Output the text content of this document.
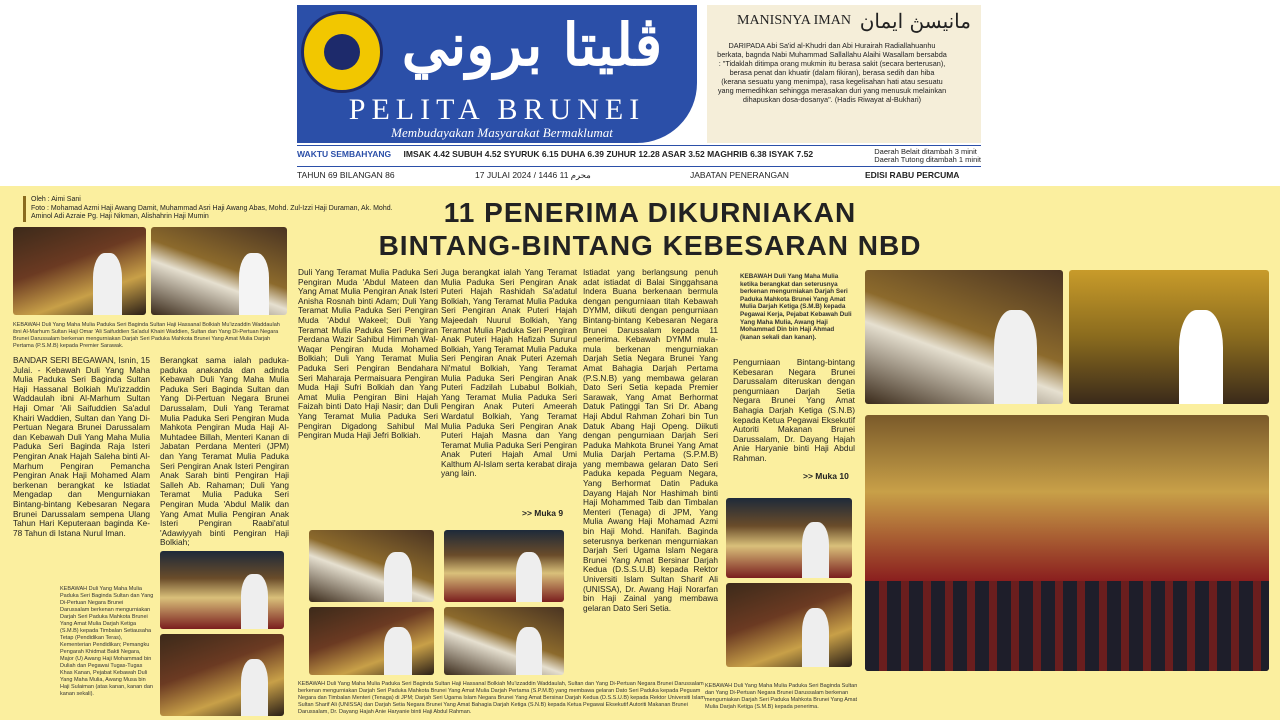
ڤليتا بروني
PELITA BRUNEI
Membudayakan Masyarakat Bermaklumat
MANISNYA IMAN مانيسڽ ايمان
DARIPADA Abi Sa'id al-Khudri dan Abi Hurairah Radiallahuanhu berkata, bagnda Nabi Muhammad Sallallahu Alaihi Wasallam bersabda : "Tidaklah ditimpa orang mukmin itu berasa sakit (secara berterusan), berasa penat dan khuatir (dalam fikiran), berasa sedih dan hiba (kerana sesuatu yang menimpa), rasa kegelisahan hati atau sesuatu yang memedihkan sehingga merasakan duri yang menusuk melainkan dihapuskan dosa-dosanya". (Hadis Riwayat al-Bukhari)
WAKTU SEMBAHYANG IMSAK 4.42 SUBUH 4.52 SYURUK 6.15 DUHA 6.39 ZUHUR 12.28 ASAR 3.52 MAGHRIB 6.38 ISYAK 7.52	Daerah Belait ditambah 3 minit
Daerah Tutong ditambah 1 minit
TAHUN 69 BILANGAN 86	17 JULAI 2024 / 1446 محرم 11	JABATAN PENERANGAN	EDISI RABU PERCUMA
Oleh : Aimi Sani
Foto : Mohamad Azmi Haji Awang Damit, Muhammad Asri Haji Awang Abas, Mohd. Zul-Izzi Haji Duraman, Ak. Mohd. Aminol Adi Azraie Pg. Haji Nikman, Alishahrin Haji Mumin	11 PENERIMA DIKURNIAKAN
BINTANG-BINTANG KEBESARAN NBD
KEBAWAH Duli Yang Maha Mulia Paduka Seri Baginda Sultan Haji Hassanal Bolkiah Mu'izzaddin Waddaulah ibni Al-Marhum Sultan Haji Omar 'Ali Saifuddien Sa'adul Khairi Waddien, Sultan dan Yang Di-Pertuan Negara Brunei Darussalam berkenan mengurniakan Darjah Seri Paduka Mahkota Brunei Yang Amat Mulia Darjah Pertama (P.S.M.B) kepada Premier Sarawak.
BANDAR SERI BEGAWAN, Isnin, 15 Julai. - Kebawah Duli Yang Maha Mulia Paduka Seri Baginda Sultan Haji Hassanal Bolkiah Mu'izzaddin Waddaulah ibni Al-Marhum Sultan Haji Omar 'Ali Saifuddien Sa'adul Khairi Waddien, Sultan dan Yang Di-Pertuan Negara Brunei Darussalam dan Kebawah Duli Yang Maha Mulia Paduka Seri Baginda Raja Isteri Pengiran Anak Hajah Saleha binti Al-Marhum Pengiran Pemancha Pengiran Anak Haji Mohamed Alam berkenan berangkat ke Istiadat Mengadap dan Mengurniakan Bintang-bintang Kebesaran Negara Brunei Darussalam sempena Ulang Tahun Hari Keputeraan baginda Ke-78 Tahun di Istana Nurul Iman.
Berangkat sama ialah paduka-paduka anakanda dan adinda Kebawah Duli Yang Maha Mulia Paduka Seri Baginda Sultan dan Yang Di-Pertuan Negara Brunei Darussalam, Duli Yang Teramat Mulia Paduka Seri Pengiran Muda Mahkota Pengiran Muda Haji Al-Muhtadee Billah, Menteri Kanan di Jabatan Perdana Menteri (JPM) dan Yang Teramat Mulia Paduka Seri Pengiran Anak Isteri Pengiran Anak Sarah binti Pengiran Haji Salleh Ab. Rahaman; Duli Yang Teramat Mulia Paduka Seri Pengiran Muda 'Abdul Malik dan Yang Amat Mulia Pengiran Anak Isteri Pengiran Raabi'atul 'Adawiyyah binti Pengiran Haji Bolkiah;
KEBAWAH Duli Yang Maha Mulia Paduka Seri Baginda Sultan dan Yang Di-Pertuan Negara Brunei Darussalam berkenan mengurniakan Darjah Seri Paduka Mahkota Brunei Yang Amat Mulia Darjah Ketiga (S.M.B) kepada Timbalan Setiausaha Tetap (Pendidikan Teras), Kementerian Pendidikan; Pemangku Pengarah Khidmat Bakti Negara, Major (U) Awang Haji Mohammad bin Duliah dan Pegawai Tugas-Tugas Khas Kanan, Pejabat Kebawah Duli Yang Maha Mulia, Awang Musa bin Haji Sulaiman (atas kanan, kanan dan kanan sekali).
Duli Yang Teramat Mulia Paduka Seri Pengiran Muda 'Abdul Mateen dan Yang Amat Mulia Pengiran Anak Isteri Anisha Rosnah binti Adam; Duli Yang Teramat Mulia Paduka Seri Pengiran Muda 'Abdul Wakeel; Duli Yang Teramat Mulia Paduka Seri Pengiran Perdana Wazir Sahibul Himmah Wal-Waqar Pengiran Muda Mohamed Bolkiah; Duli Yang Teramat Mulia Paduka Seri Pengiran Bendahara Seri Maharaja Permaisuara Pengiran Muda Haji Sufri Bolkiah dan Yang Amat Mulia Pengiran Bini Hajah Faizah binti Dato Haji Nasir; dan Duli Yang Teramat Mulia Paduka Seri Pengiran Digadong Sahibul Mal Pengiran Muda Haji Jefri Bolkiah.
Juga berangkat ialah Yang Teramat Mulia Paduka Seri Pengiran Anak Puteri Hajah Rashidah Sa'adatul Bolkiah, Yang Teramat Mulia Paduka Seri Pengiran Anak Puteri Hajah Majeedah Nuurul Bolkiah, Yang Teramat Mulia Paduka Seri Pengiran Anak Puteri Hajah Hafizah Sururul Bolkiah, Yang Teramat Mulia Paduka Seri Pengiran Anak Puteri Azemah Ni'matul Bolkiah, Yang Teramat Mulia Paduka Seri Pengiran Anak Puteri Fadzilah Lubabul Bolkiah, Yang Teramat Mulia Paduka Seri Pengiran Anak Puteri Ameerah Wardatul Bolkiah, Yang Teramat Mulia Paduka Seri Pengiran Anak Puteri Hajah Masna dan Yang Teramat Mulia Paduka Seri Pengiran Anak Puteri Hajah Amal Umi Kalthum Al-Islam serta kerabat diraja yang lain.
>> Muka 9
KEBAWAH Duli Yang Maha Mulia Paduka Seri Baginda Sultan Haji Hassanal Bolkiah Mu'izzaddin Waddaulah, Sultan dan Yang Di-Pertuan Negara Brunei Darussalam berkenan mengurniakan Darjah Seri Paduka Mahkota Brunei Yang Amat Mulia Darjah Pertama (S.P.M.B) yang membawa gelaran Dato Seri Paduka kepada Peguam Negara dan Timbalan Menteri (Tenaga) di JPM; Darjah Seri Ugama Islam Negara Brunei Yang Amat Bersinar Darjah Kedua (D.S.S.U.B) kepada Rektor Universiti Islam Sultan Sharif Ali (UNISSA) dan Darjah Setia Negara Brunei Yang Amat Bahagia Darjah Ketiga (S.N.B) kepada Ketua Pegawai Eksekutif Autoriti Makanan Brunei Darussalam, Dr. Dayang Hajah Anie Haryanie binti Haji Abdul Rahman.
Istiadat yang berlangsung penuh adat istiadat di Balai Singgahsana Indera Buana berkenaan bermula dengan pengurniaan titah Kebawah DYMM, diikuti dengan pengurniaan Bintang-bintang Kebesaran Negara Brunei Darussalam kepada 11 penerima. Kebawah DYMM mula-mula berkenan mengurniakan Darjah Setia Negara Brunei Yang Amat Bahagia Darjah Pertama (P.S.N.B) yang membawa gelaran Dato Seri Setia kepada Premier Sarawak, Yang Amat Berhormat Datuk Patinggi Tan Sri Dr. Abang Haji Abdul Rahman Zohari bin Tun Datuk Abang Haji Openg. Diikuti dengan pengurniaan Darjah Seri Paduka Mahkota Brunei Yang Amat Mulia Darjah Pertama (S.P.M.B) yang membawa gelaran Dato Seri Paduka kepada Peguam Negara, Yang Berhormat Datin Paduka Dayang Hajah Nor Hashimah binti Haji Mohammed Taib dan Timbalan Menteri (Tenaga) di JPM, Yang Mulia Awang Haji Mohamad Azmi bin Haji Mohd. Hanifah. Baginda seterusnya berkenan mengurniakan Darjah Seri Ugama Islam Negara Brunei Yang Amat Bersinar Darjah Kedua (D.S.S.U.B) kepada Rektor Universiti Islam Sultan Sharif Ali (UNISSA), Dr. Awang Haji Norarfan bin Haji Zainal yang membawa gelaran Dato Seri Setia.
KEBAWAH Duli Yang Maha Mulia ketika berangkat dan seterusnya berkenan mengurniakan Darjah Seri Paduka Mahkota Brunei Yang Amat Mulia Darjah Ketiga (S.M.B) kepada Pegawai Kerja, Pejabat Kebawah Duli Yang Maha Mulia, Awang Haji Mohammad Din bin Haji Ahmad (kanan sekali dan kanan).
Pengurniaan Bintang-bintang Kebesaran Negara Brunei Darussalam diteruskan dengan pengurniaan Darjah Setia Negara Brunei Yang Amat Bahagia Darjah Ketiga (S.N.B) kepada Ketua Pegawai Eksekutif Autoriti Makanan Brunei Darussalam, Dr. Dayang Hajah Anie Haryanie binti Haji Abdul Rahman.
>> Muka 10
KEBAWAH Duli Yang Maha Mulia Paduka Seri Baginda Sultan dan Yang Di-Pertuan Negara Brunei Darussalam berkenan mengurniakan Darjah Seri Paduka Mahkota Brunei Yang Amat Mulia Darjah Ketiga (S.M.B) kepada penerima.
